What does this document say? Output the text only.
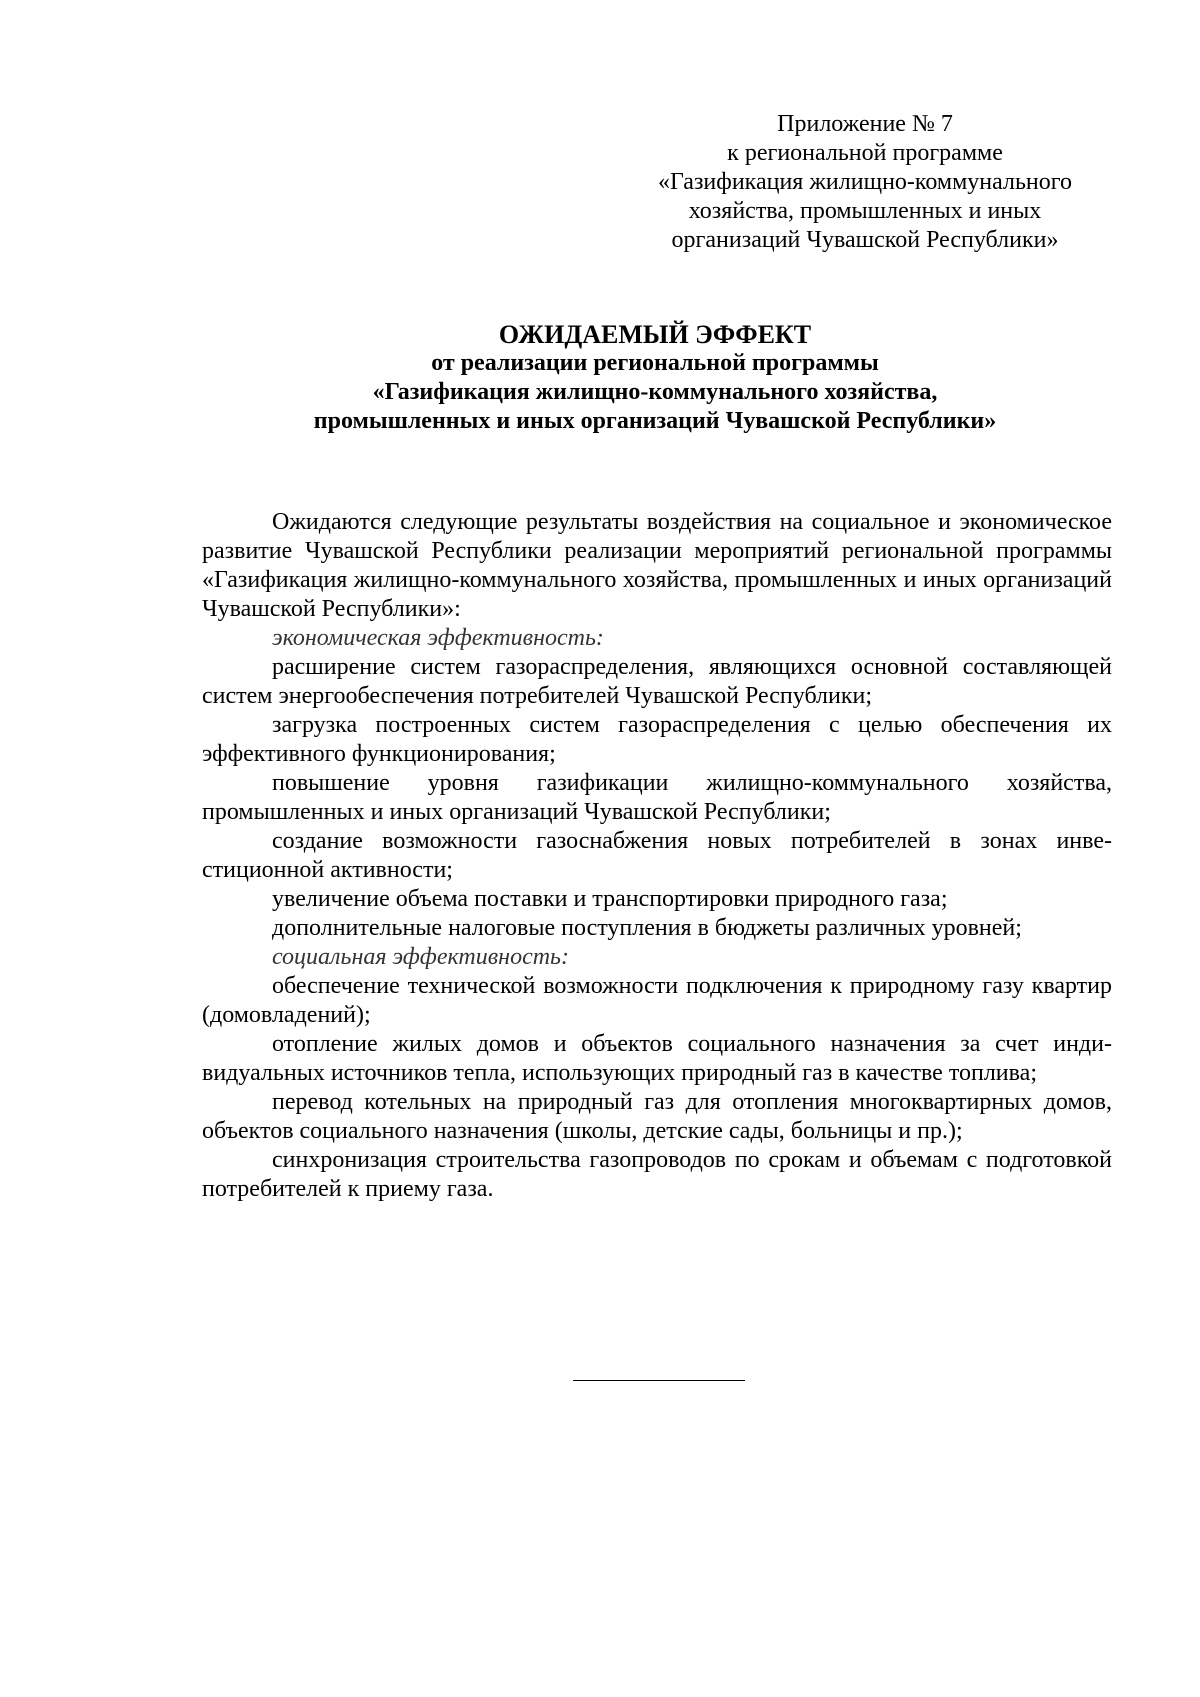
Приложение № 7
к региональной программе
«Газификация жилищно-коммунального
хозяйства, промышленных и иных
организаций Чувашской Республики»
ОЖИДАЕМЫЙ ЭФФЕКТ
от реализации региональной программы
«Газификация жилищно-коммунального хозяйства,
промышленных и иных организаций Чувашской Республики»

Ожидаются следующие результаты воздействия на социальное и экономическое развитие Чувашской Республики реализации мероприятий региональной программы «Газификация жилищно-коммунального хозяйства, промышленных и иных организаций Чувашской Республики»:

экономическая эффективность:

расширение систем газораспределения, являющихся основной составляющей систем энергообеспечения потребителей Чувашской Республики;

загрузка построенных систем газораспределения с целью обеспечения их эффективного функционирования;

повышение уровня газификации жилищно-коммунального хозяйства, промышленных и иных организаций Чувашской Республики;

создание возможности газоснабжения новых потребителей в зонах инвестиционной активности;

увеличение объема поставки и транспортировки природного газа;

дополнительные налоговые поступления в бюджеты различных уровней;

социальная эффективность:

обеспечение технической возможности подключения к природному газу квартир (домовладений);

отопление жилых домов и объектов социального назначения за счет индивидуальных источников тепла, использующих природный газ в качестве топлива;

перевод котельных на природный газ для отопления многоквартирных домов, объектов социального назначения (школы, детские сады, больницы и пр.);

синхронизация строительства газопроводов по срокам и объемам с подготовкой потребителей к приему газа.
